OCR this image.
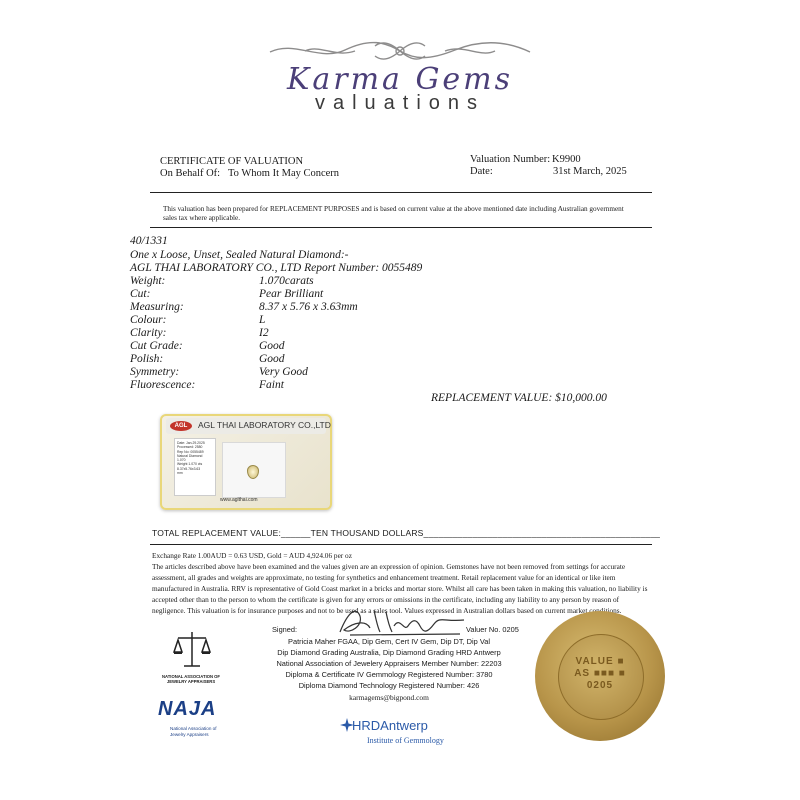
Karma Gems
valuations
CERTIFICATE OF VALUATION
On Behalf Of: To Whom It May Concern
Valuation Number: K9900
Date:	31st March, 2025
This valuation has been prepared for REPLACEMENT PURPOSES and is based on current value at the above mentioned date including Australian government
sales tax where applicable.
40/1331
One x Loose, Unset, Sealed Natural Diamond:-
AGL THAI LABORATORY CO., LTD Report Number: 0055489
Weight:	1.070carats
Cut:	Pear Brilliant
Measuring:	8.37 x 5.76 x 3.63mm
Colour:	L
Clarity:	I2
Cut Grade:	Good
Polish:	Good
Symmetry:	Very Good
Fluorescence:	Faint
REPLACEMENT VALUE: $10,000.00
AGL	AGL THAI LABORATORY CO.,LTD
Date: Jan.29.2025
Processed: 2580
Rep No: 0055489
Natural Diamond
1.070
Weight 1.070 cts
8.37x5.76x3.63
mm
www.aglthai.com
TOTAL REPLACEMENT VALUE:______TEN THOUSAND DOLLARS________________________________________________
Exchange Rate 1.00AUD = 0.63 USD, Gold = AUD 4,924.06 per oz
The articles described above have been examined and the values given are an expression of opinion. Gemstones have not been removed from settings for accurate assessment, all grades and weights are approximate, no testing for synthetics and enhancement treatment. Retail replacement value for an identical or like item manufactured in Australia. RRV is representative of Gold Coast market in a bricks and mortar store. Whilst all care has been taken in making this valuation, no liability is accepted other than to the person to whom the certificate is given for any errors or omissions in the certificate, including any liability to any person by reason of negligence. This valuation is for insurance purposes and not to be used as a sales tool. Values expressed in Australian dollars based on current market conditions.
Signed:	Valuer No. 0205
Patricia Maher FGAA, Dip Gem, Cert IV Gem, Dip DT, Dip Val
Dip Diamond Grading Australia, Dip Diamond Grading HRD Antwerp
National Association of Jewelery Appraisers Member Number: 22203
Diploma & Certificate IV Gemmology Registered Number: 3780
Diploma Diamond Technology Registered Number: 426
karmagems@bigpond.com
NATIONAL ASSOCIATION OF JEWELRY APPRAISERS
NAJA
National Association of
Jewelry Appraisers
HRDAntwerp
Institute of Gemmology
VALUE ■
AS ■■■ ■
0205
